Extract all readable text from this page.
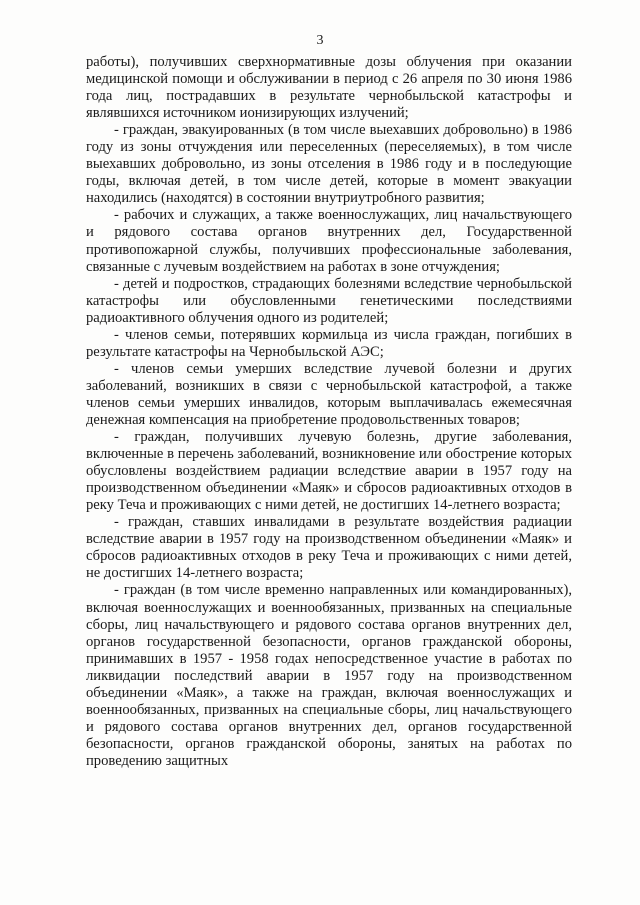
3

работы), получивших сверхнормативные дозы облучения при оказании медицинской помощи и обслуживании в период с 26 апреля по 30 июня 1986 года лиц, пострадавших в результате чернобыльской катастрофы и являвшихся источником ионизирующих излучений;

- граждан, эвакуированных (в том числе выехавших добровольно) в 1986 году из зоны отчуждения или переселенных (переселяемых), в том числе выехавших добровольно, из зоны отселения в 1986 году и в последующие годы, включая детей, в том числе детей, которые в момент эвакуации находились (находятся) в состоянии внутриутробного развития;

- рабочих и служащих, а также военнослужащих, лиц начальствующего и рядового состава органов внутренних дел, Государственной противопожарной службы, получивших профессиональные заболевания, связанные с лучевым воздействием на работах в зоне отчуждения;

- детей и подростков, страдающих болезнями вследствие чернобыльской катастрофы или обусловленными генетическими последствиями радиоактивного облучения одного из родителей;

- членов семьи, потерявших кормильца из числа граждан, погибших в результате катастрофы на Чернобыльской АЭС;

- членов семьи умерших вследствие лучевой болезни и других заболеваний, возникших в связи с чернобыльской катастрофой, а также членов семьи умерших инвалидов, которым выплачивалась ежемесячная денежная компенсация на приобретение продовольственных товаров;

- граждан, получивших лучевую болезнь, другие заболевания, включенные в перечень заболеваний, возникновение или обострение которых обусловлены воздействием радиации вследствие аварии в 1957 году на производственном объединении «Маяк» и сбросов радиоактивных отходов в реку Теча и проживающих с ними детей, не достигших 14-летнего возраста;

- граждан, ставших инвалидами в результате воздействия радиации вследствие аварии в 1957 году на производственном объединении «Маяк» и сбросов радиоактивных отходов в реку Теча и проживающих с ними детей, не достигших 14-летнего возраста;

- граждан (в том числе временно направленных или командированных), включая военнослужащих и военнообязанных, призванных на специальные сборы, лиц начальствующего и рядового состава органов внутренних дел, органов государственной безопасности, органов гражданской обороны, принимавших в 1957 - 1958 годах непосредственное участие в работах по ликвидации последствий аварии в 1957 году на производственном объединении «Маяк», а также на граждан, включая военнослужащих и военнообязанных, призванных на специальные сборы, лиц начальствующего и рядового состава органов внутренних дел, органов государственной безопасности, органов гражданской обороны, занятых на работах по проведению защитных
